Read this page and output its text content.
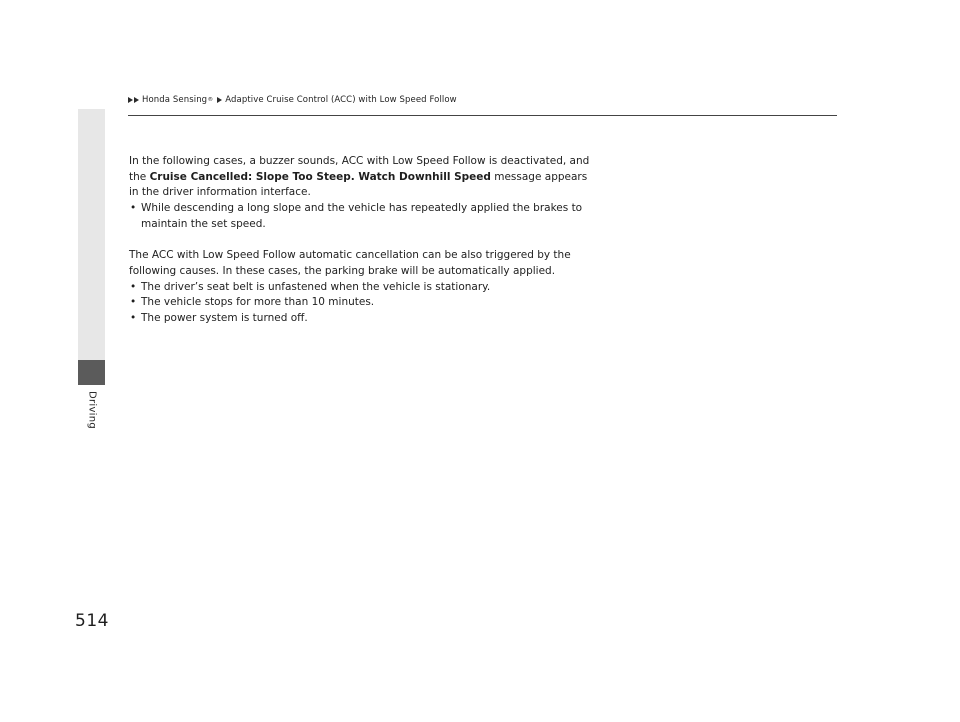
Honda Sensing ® Adaptive Cruise Control (ACC) with Low Speed Follow
Driving

In the following cases, a buzzer sounds, ACC with Low Speed Follow is deactivated, and the Cruise Cancelled: Slope Too Steep. Watch Downhill Speed message appears in the driver information interface.

• While descending a long slope and the vehicle has repeatedly applied the brakes to maintain the set speed.

The ACC with Low Speed Follow automatic cancellation can be also triggered by the following causes. In these cases, the parking brake will be automatically applied.

• The driver’s seat belt is unfastened when the vehicle is stationary.
• The vehicle stops for more than 10 minutes.
• The power system is turned off.
514
